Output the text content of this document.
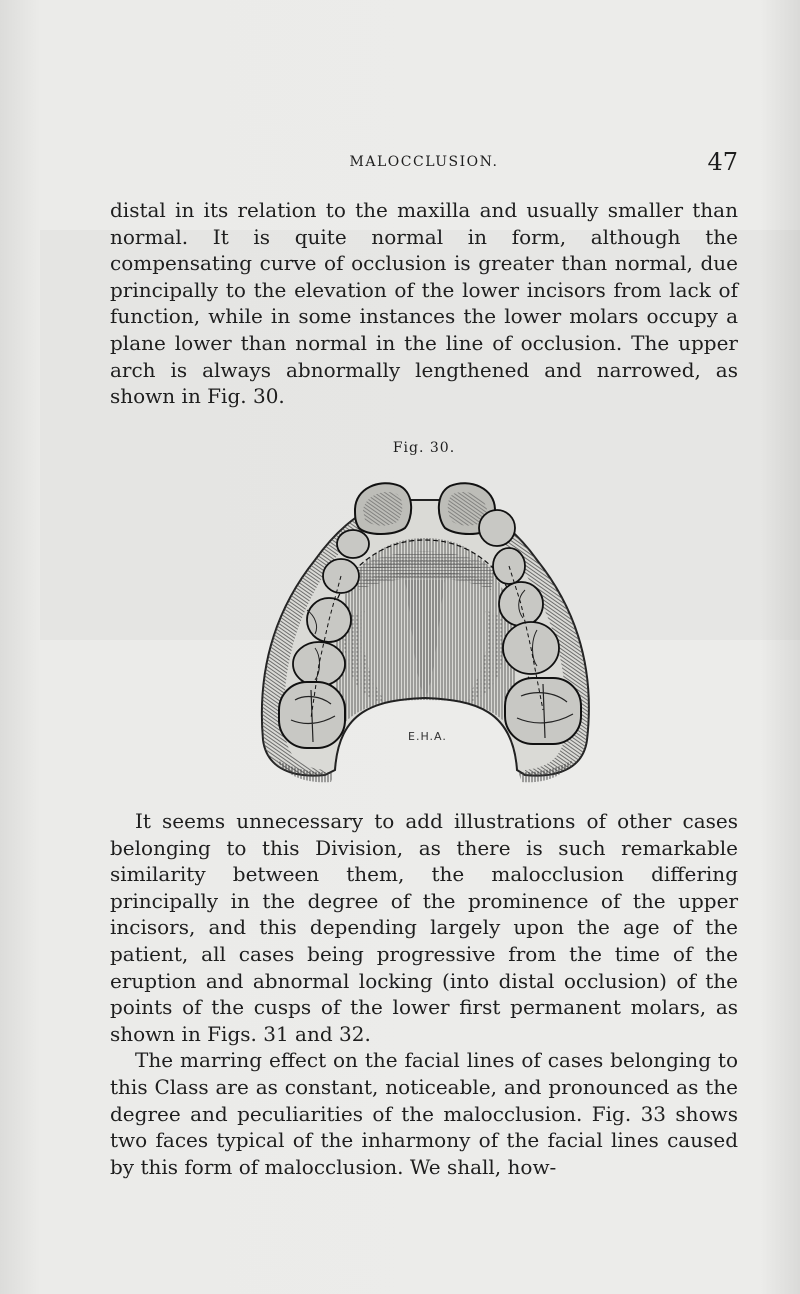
MALOCCLUSION.	47

distal in its relation to the maxilla and usually smaller than normal. It is quite normal in form, although the compensating curve of occlusion is greater than normal, due principally to the elevation of the lower incisors from lack of function, while in some instances the lower molars occupy a plane lower than normal in the line of occlusion. The upper arch is always abnormally lengthened and narrowed, as shown in Fig. 30.

Fig. 30.
E.H.A.

It seems unnecessary to add illustrations of other cases belonging to this Division, as there is such remarkable similarity between them, the malocclusion differing principally in the degree of the prominence of the upper incisors, and this depending largely upon the age of the patient, all cases being progressive from the time of the eruption and abnormal locking (into distal occlusion) of the points of the cusps of the lower first permanent molars, as shown in Figs. 31 and 32.

The marring effect on the facial lines of cases belonging to this Class are as constant, noticeable, and pronounced as the degree and peculiarities of the malocclusion. Fig. 33 shows two faces typical of the inharmony of the facial lines caused by this form of malocclusion. We shall, how-
